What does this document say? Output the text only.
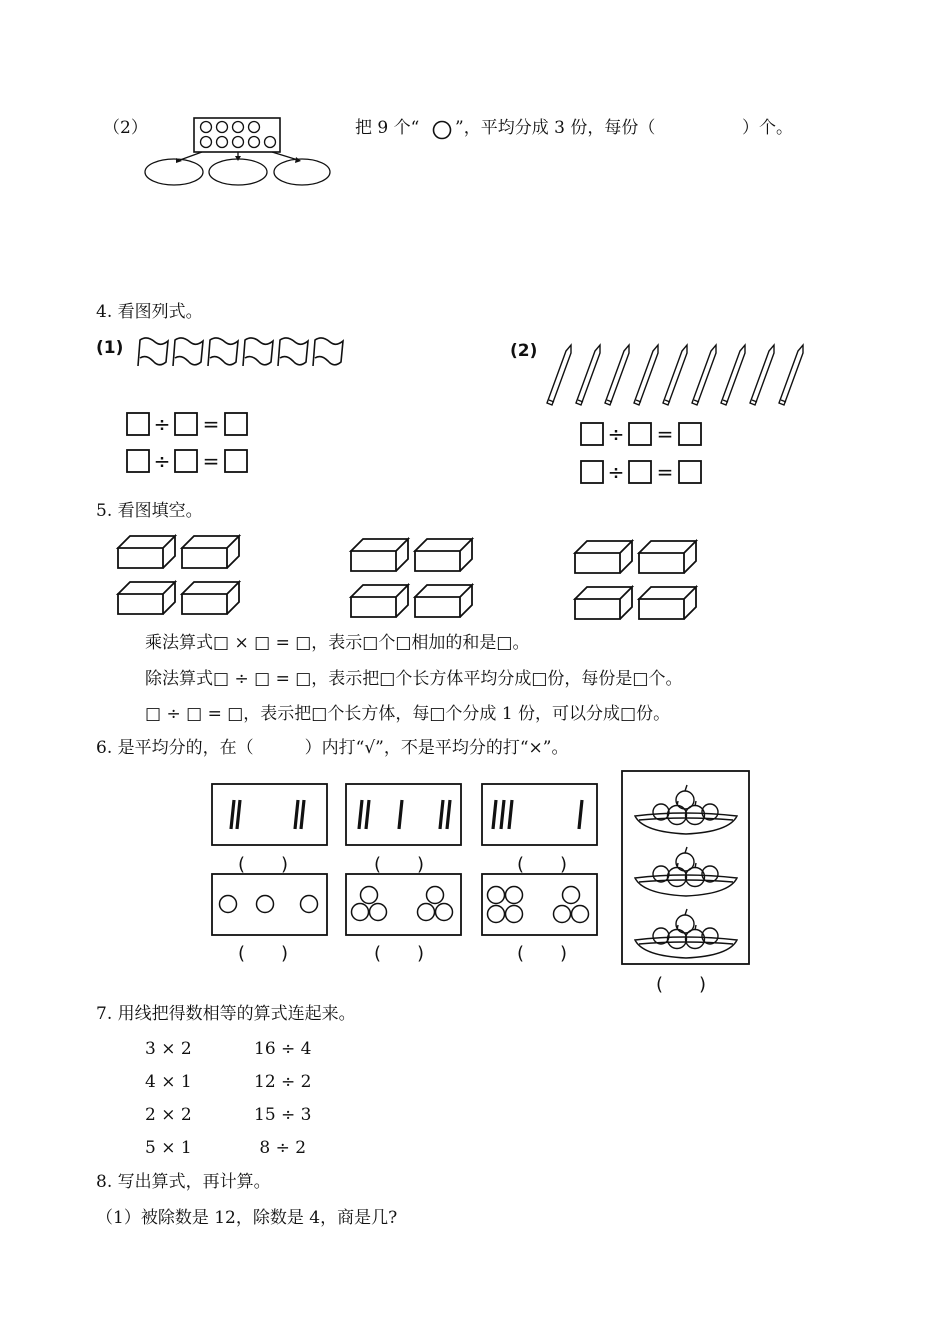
（2）	把 9 个“ ”，平均分成 3 份，每份（	）个。
4. 看图列式。
(1)
÷ =
÷ =
(2)
÷ =
÷ =
5. 看图填空。
乘法算式□ × □ = □，表示□个□相加的和是□。
除法算式□ ÷ □ = □，表示把□个长方体平均分成□份，每份是□个。
□ ÷ □ = □，表示把□个长方体，每□个分成 1 份，可以分成□份。
6. 是平均分的，在（　　　）内打“√”，不是平均分的打“×”。
(　　)	(　　)	(　　)
(　　)	(　　)	(　　)
(　　)
7. 用线把得数相等的算式连起来。
3 × 2
4 × 1
2 × 2
5 × 1
16 ÷ 4
12 ÷ 2
15 ÷ 3
8 ÷ 2
8. 写出算式，再计算。
（1）被除数是 12，除数是 4，商是几?
